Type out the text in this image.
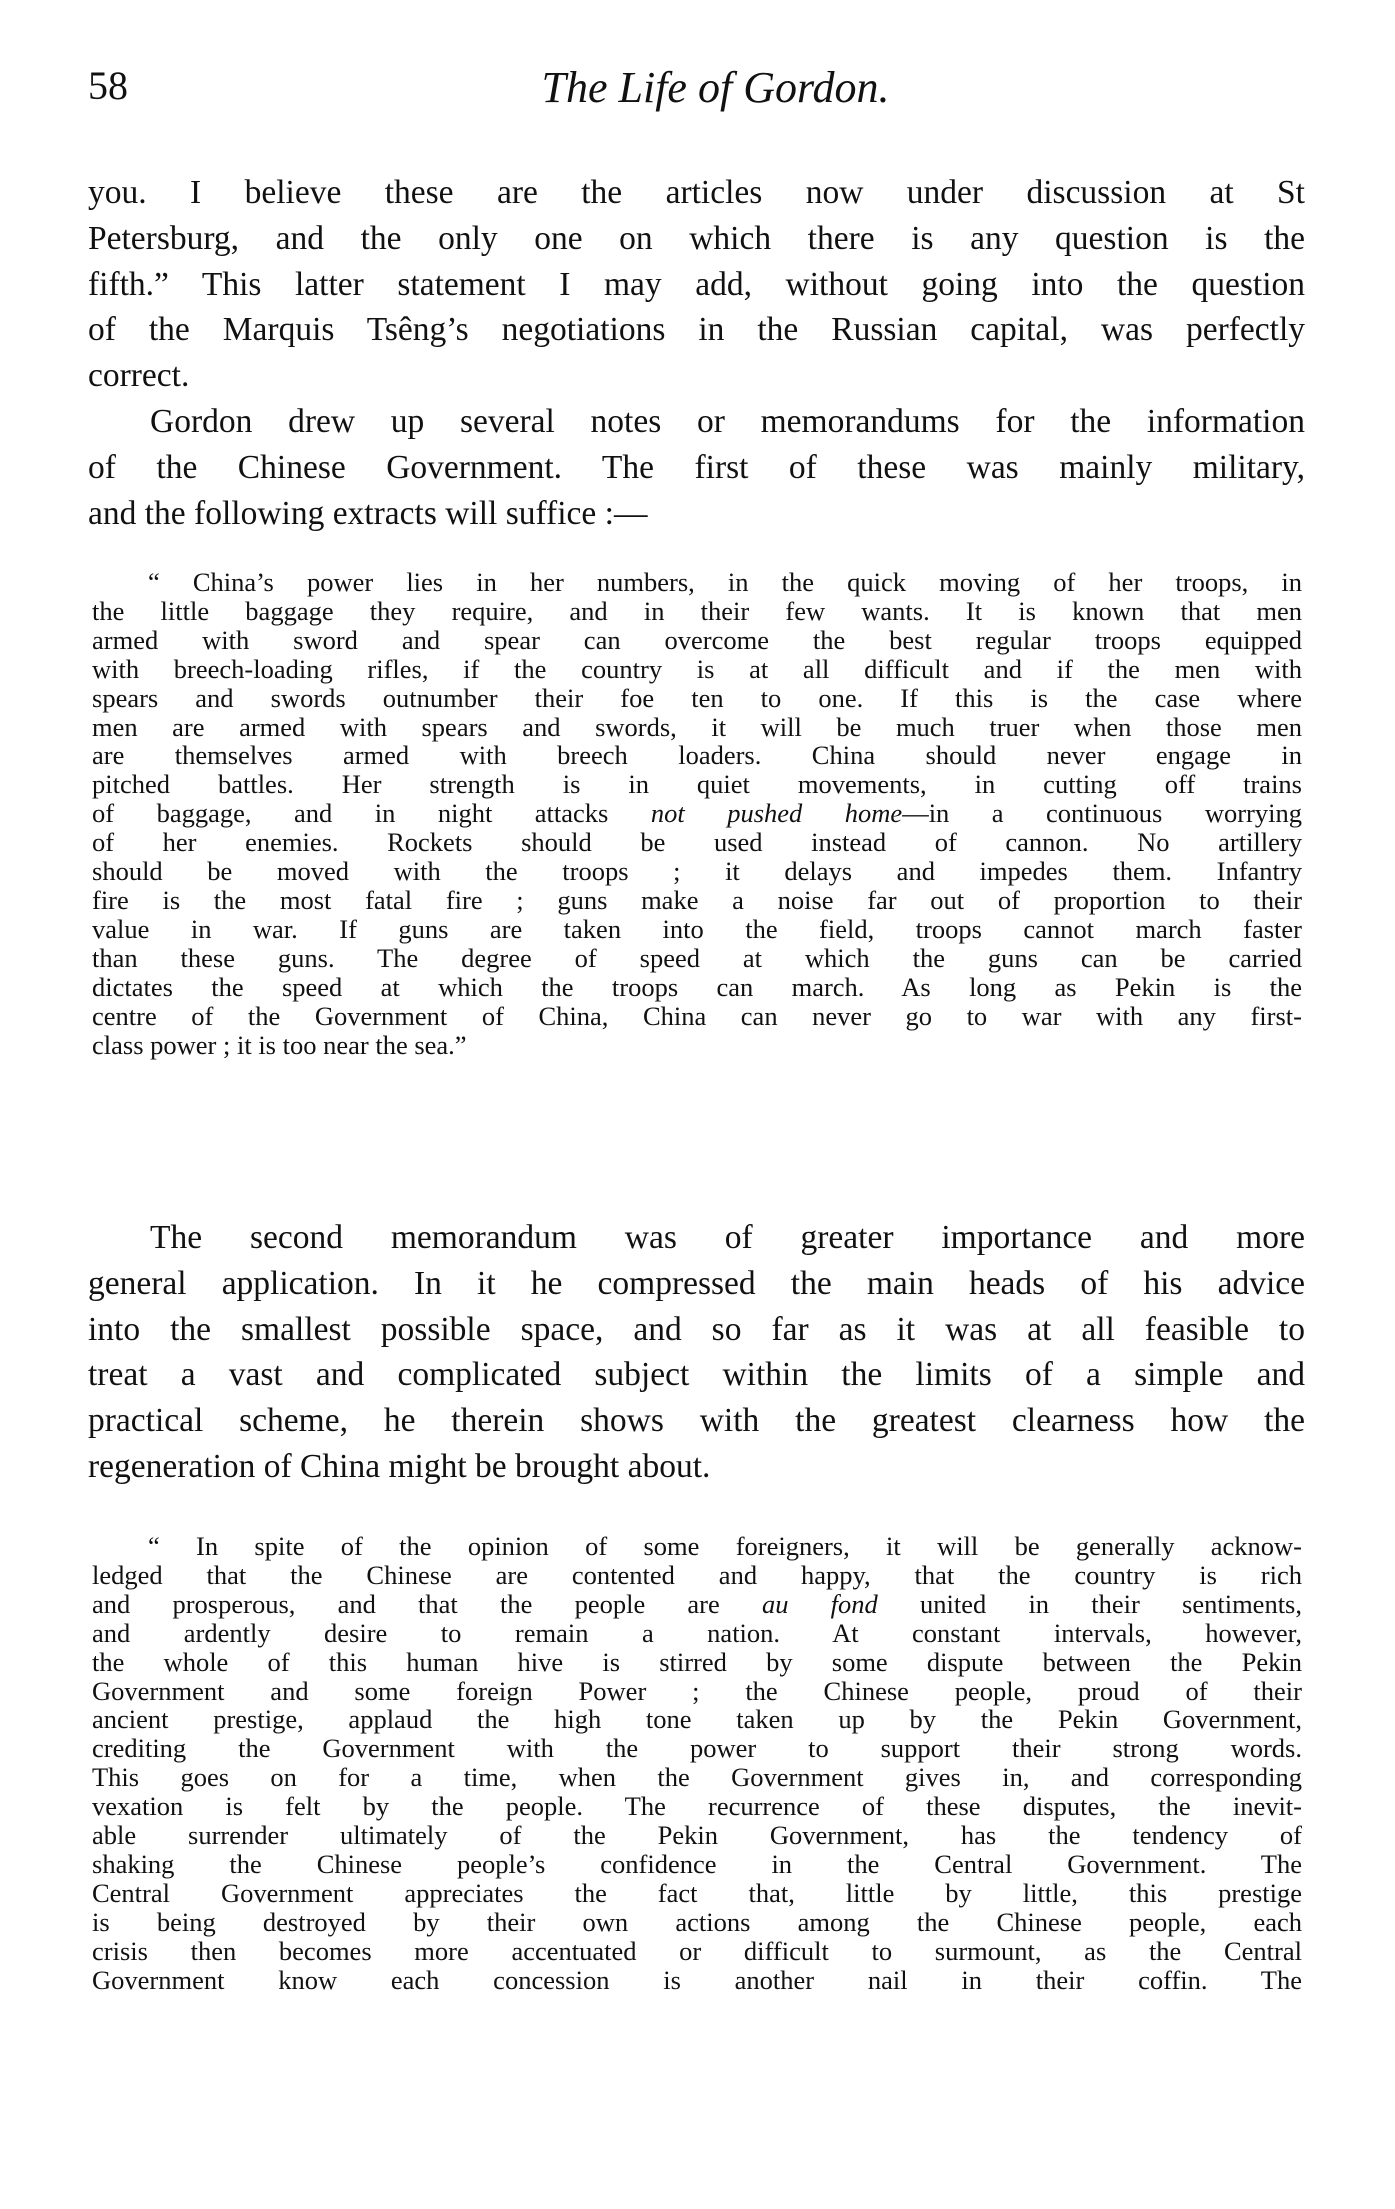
58	The Life of Gordon.
you. I believe these are the articles now under discussion at St
Petersburg, and the only one on which there is any question is the
fifth.” This latter statement I may add, without going into the question
of the Marquis Tsêng’s negotiations in the Russian capital, was perfectly
correct.
Gordon drew up several notes or memorandums for the information
of the Chinese Government. The first of these was mainly military,
and the following extracts will suffice :—
“ China’s power lies in her numbers, in the quick moving of her troops, in
the little baggage they require, and in their few wants. It is known that men
armed with sword and spear can overcome the best regular troops equipped
with breech-loading rifles, if the country is at all difficult and if the men with
spears and swords outnumber their foe ten to one. If this is the case where
men are armed with spears and swords, it will be much truer when those men
are themselves armed with breech loaders. China should never engage in
pitched battles. Her strength is in quiet movements, in cutting off trains
of baggage, and in night attacks not pushed home—in a continuous worrying
of her enemies. Rockets should be used instead of cannon. No artillery
should be moved with the troops ; it delays and impedes them. Infantry
fire is the most fatal fire ; guns make a noise far out of proportion to their
value in war. If guns are taken into the field, troops cannot march faster
than these guns. The degree of speed at which the guns can be carried
dictates the speed at which the troops can march. As long as Pekin is the
centre of the Government of China, China can never go to war with any first-
class power ; it is too near the sea.”
The second memorandum was of greater importance and more
general application. In it he compressed the main heads of his advice
into the smallest possible space, and so far as it was at all feasible to
treat a vast and complicated subject within the limits of a simple and
practical scheme, he therein shows with the greatest clearness how the
regeneration of China might be brought about.
“ In spite of the opinion of some foreigners, it will be generally acknow-
ledged that the Chinese are contented and happy, that the country is rich
and prosperous, and that the people are au fond united in their sentiments,
and ardently desire to remain a nation. At constant intervals, however,
the whole of this human hive is stirred by some dispute between the Pekin
Government and some foreign Power ; the Chinese people, proud of their
ancient prestige, applaud the high tone taken up by the Pekin Government,
crediting the Government with the power to support their strong words.
This goes on for a time, when the Government gives in, and corresponding
vexation is felt by the people. The recurrence of these disputes, the inevit-
able surrender ultimately of the Pekin Government, has the tendency of
shaking the Chinese people’s confidence in the Central Government. The
Central Government appreciates the fact that, little by little, this prestige
is being destroyed by their own actions among the Chinese people, each
crisis then becomes more accentuated or difficult to surmount, as the Central
Government know each concession is another nail in their coffin. The
